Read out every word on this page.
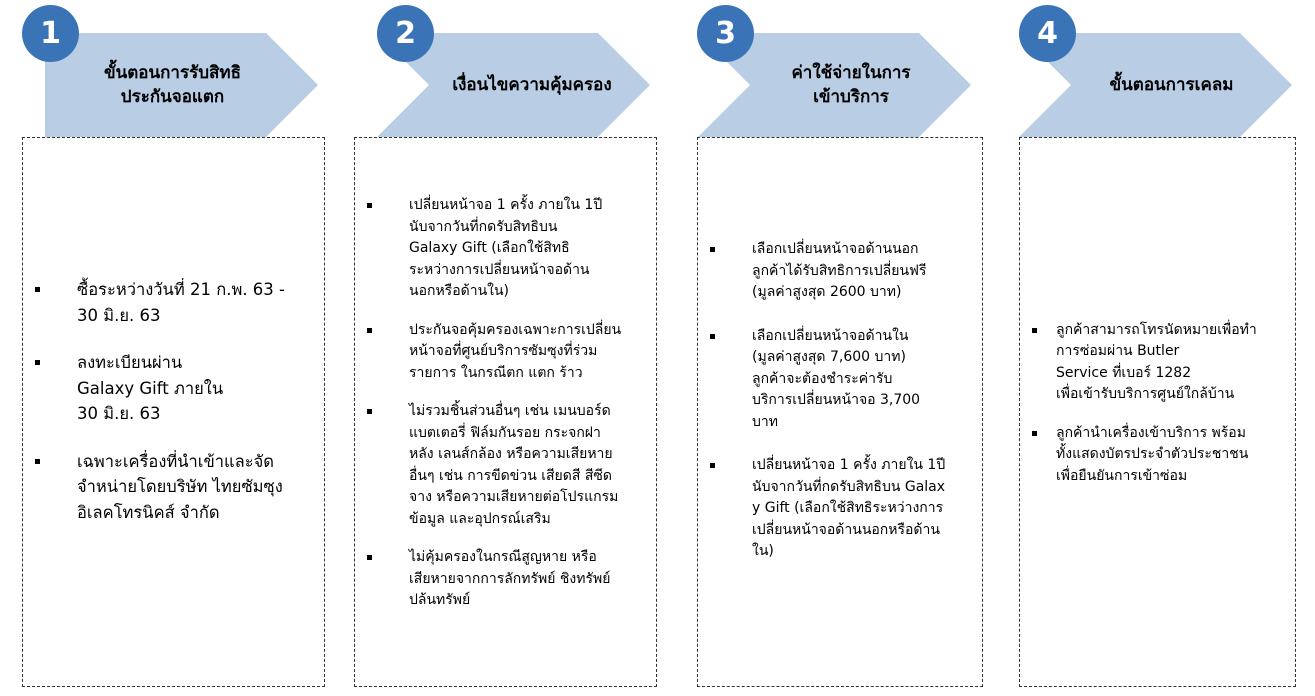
ขั้นตอนการรับสิทธิ
ประกันจอแตก
1
ซื้อระหว่างวันที่ 21 ก.พ. 63 -
30 มิ.ย. 63
ลงทะเบียนผ่าน
Galaxy Gift ภายใน
30 มิ.ย. 63
เฉพาะเครื่องที่นำเข้าและจัด
จำหน่ายโดยบริษัท ไทยซัมซุง
อิเลคโทรนิคส์ จำกัด
เงื่อนไขความคุ้มครอง
2
เปลี่ยนหน้าจอ 1 ครั้ง ภายใน 1ปี
นับจากวันที่กดรับสิทธิบน
Galaxy Gift (เลือกใช้สิทธิ
ระหว่างการเปลี่ยนหน้าจอด้าน
นอกหรือด้านใน)
ประกันจอคุ้มครองเฉพาะการเปลี่ยน
หน้าจอที่ศูนย์บริการซัมซุงที่ร่วม
รายการ ในกรณีตก แตก ร้าว
ไม่รวมชิ้นส่วนอื่นๆ เช่น เมนบอร์ด
แบตเตอรี่ ฟิล์มกันรอย กระจกฝา
หลัง เลนส์กล้อง หรือความเสียหาย
อื่นๆ เช่น การขีดข่วน เสียดสี สีซีด
จาง หรือความเสียหายต่อโปรแกรม
ข้อมูล และอุปกรณ์เสริม
ไม่คุ้มครองในกรณีสูญหาย หรือ
เสียหายจากการลักทรัพย์ ชิงทรัพย์
ปล้นทรัพย์
ค่าใช้จ่ายในการ
เข้าบริการ
3
เลือกเปลี่ยนหน้าจอด้านนอก
ลูกค้าได้รับสิทธิการเปลี่ยนฟรี
(มูลค่าสูงสุด 2600 บาท)
เลือกเปลี่ยนหน้าจอด้านใน
(มูลค่าสูงสุด 7,600 บาท)
ลูกค้าจะต้องชำระค่ารับ
บริการเปลี่ยนหน้าจอ 3,700
บาท
เปลี่ยนหน้าจอ 1 ครั้ง ภายใน 1ปี
นับจากวันที่กดรับสิทธิบน Galax
y Gift (เลือกใช้สิทธิระหว่างการ
เปลี่ยนหน้าจอด้านนอกหรือด้าน
ใน)
ขั้นตอนการเคลม
4
ลูกค้าสามารถโทรนัดหมายเพื่อทำ
การซ่อมผ่าน Butler
Service ที่เบอร์ 1282
เพื่อเข้ารับบริการศูนย์ใกล้บ้าน
ลูกค้านำเครื่องเข้าบริการ พร้อม
ทั้งแสดงบัตรประจำตัวประชาชน
เพื่อยืนยันการเข้าซ่อม
